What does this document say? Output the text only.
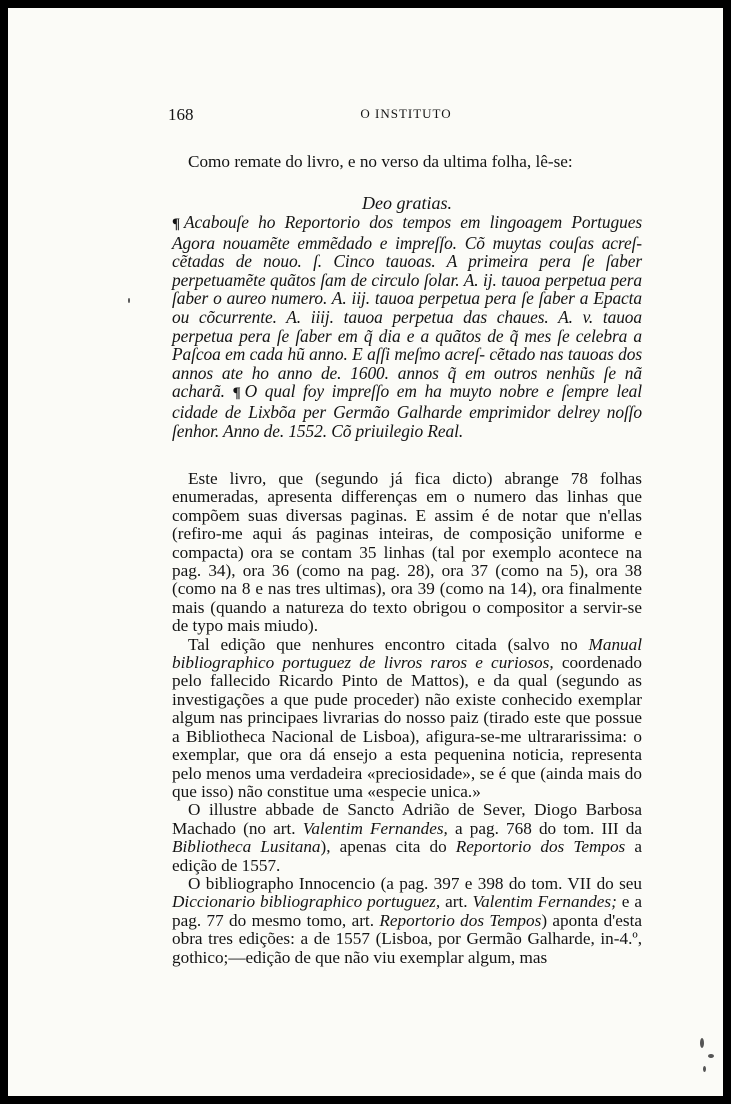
168	O INSTITUTO
Como remate do livro, e no verso da ultima folha, lê-se:
Deo gratias.
¶ Acabouſe ho Reportorio dos tempos em lingoagem Portugues Agora nouamẽte emmẽdado e impreſſo. Cõ muytas couſas acreſ- cẽtadas de nouo. ſ. Cinco tauoas. A primeira pera ſe ſaber perpetuamẽte quãtos ſam de circulo ſolar. A. ij. tauoa perpetua pera ſaber o aureo numero. A. iij. tauoa perpetua pera ſe ſaber a Epacta ou cõcurrente. A. iiij. tauoa perpetua das chaues. A. v. tauoa perpetua pera ſe ſaber em q̃ dia e a quãtos de q̃ mes ſe celebra a Paſcoa em cada hũ anno. E aſſi meſmo acreſ- cẽtado nas tauoas dos annos ate ho anno de. 1600. annos q̃ em outros nenhũs ſe nã acharã. ¶ O qual foy impreſſo em ha muyto nobre e ſempre leal cidade de Lixbõa per Germão Galharde emprimidor delrey noſſo ſenhor. Anno de. 1552. Cõ priuilegio Real.

Este livro, que (segundo já fica dicto) abrange 78 folhas enumeradas, apresenta differenças em o numero das linhas que compõem suas diversas paginas. E assim é de notar que n'ellas (refiro-me aqui ás paginas inteiras, de composição uniforme e compacta) ora se contam 35 linhas (tal por exemplo acontece na pag. 34), ora 36 (como na pag. 28), ora 37 (como na 5), ora 38 (como na 8 e nas tres ultimas), ora 39 (como na 14), ora finalmente mais (quando a natureza do texto obrigou o compositor a servir-se de typo mais miudo).

Tal edição que nenhures encontro citada (salvo no Manual bibliographico portuguez de livros raros e curiosos, coordenado pelo fallecido Ricardo Pinto de Mattos), e da qual (segundo as investigações a que pude proceder) não existe conhecido exemplar algum nas principaes livrarias do nosso paiz (tirado este que possue a Bibliotheca Nacional de Lisboa), afigura-se-me ultrararissima: o exemplar, que ora dá ensejo a esta pequenina noticia, representa pelo menos uma verdadeira «preciosidade», se é que (ainda mais do que isso) não constitue uma «especie unica.»

O illustre abbade de Sancto Adrião de Sever, Diogo Barbosa Machado (no art. Valentim Fernandes, a pag. 768 do tom. III da Bibliotheca Lusitana), apenas cita do Reportorio dos Tempos a edição de 1557.

O bibliographo Innocencio (a pag. 397 e 398 do tom. VII do seu Diccionario bibliographico portuguez, art. Valentim Fernandes; e a pag. 77 do mesmo tomo, art. Reportorio dos Tempos) aponta d'esta obra tres edições: a de 1557 (Lisboa, por Germão Galharde, in-4.º, gothico;—edição de que não viu exemplar algum, mas
